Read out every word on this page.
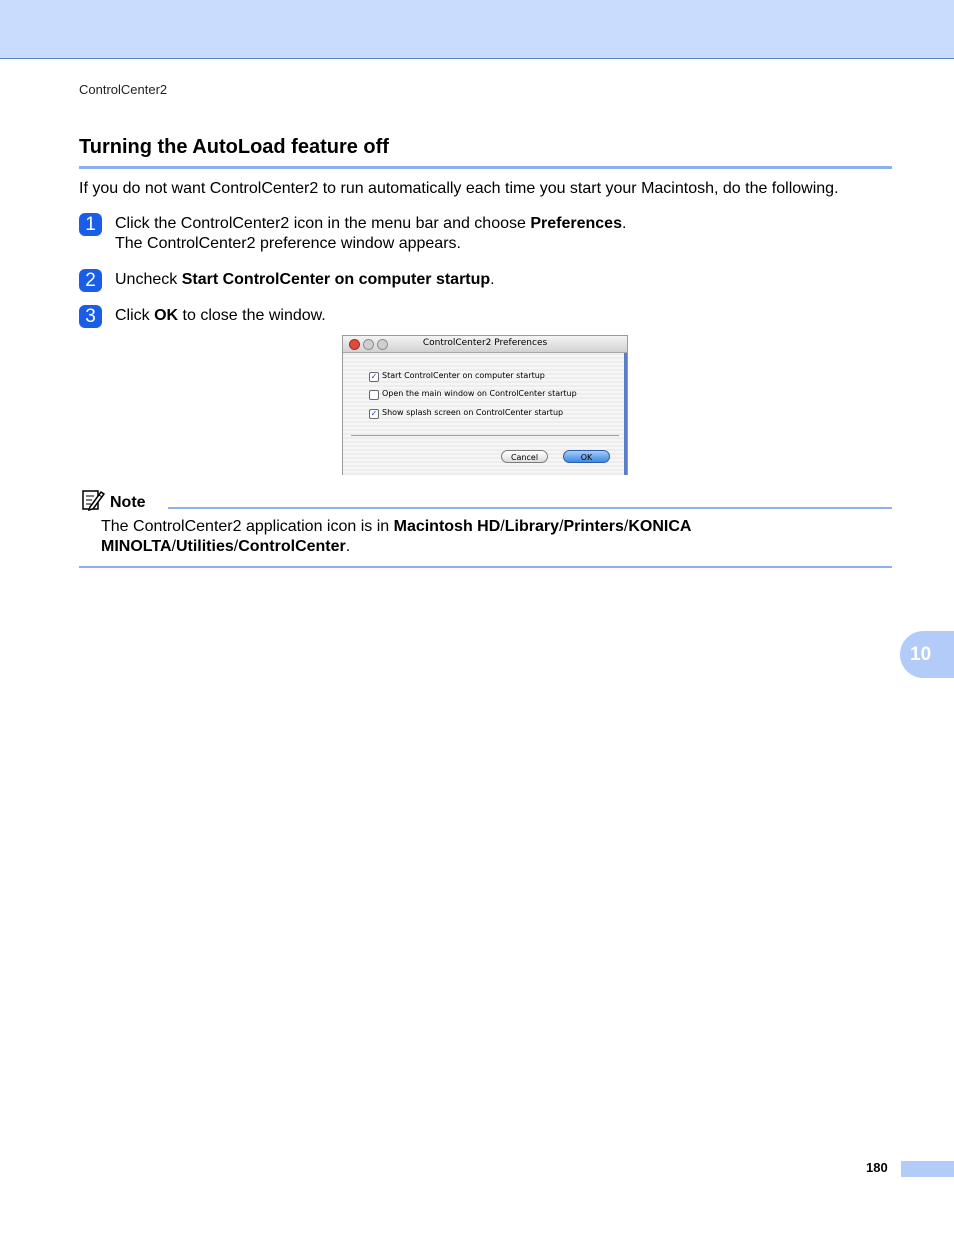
ControlCenter2
Turning the AutoLoad feature off
If you do not want ControlCenter2 to run automatically each time you start your Macintosh, do the following.
1	Click the ControlCenter2 icon in the menu bar and choose Preferences.
The ControlCenter2 preference window appears.
2	Uncheck Start ControlCenter on computer startup.
3	Click OK to close the window.
ControlCenter2 Preferences
✓ Start ControlCenter on computer startup
Open the main window on ControlCenter startup
✓ Show splash screen on ControlCenter startup
Cancel	OK
Note
The ControlCenter2 application icon is in Macintosh HD/Library/Printers/KONICA MINOLTA/Utilities/ControlCenter.
10
180
